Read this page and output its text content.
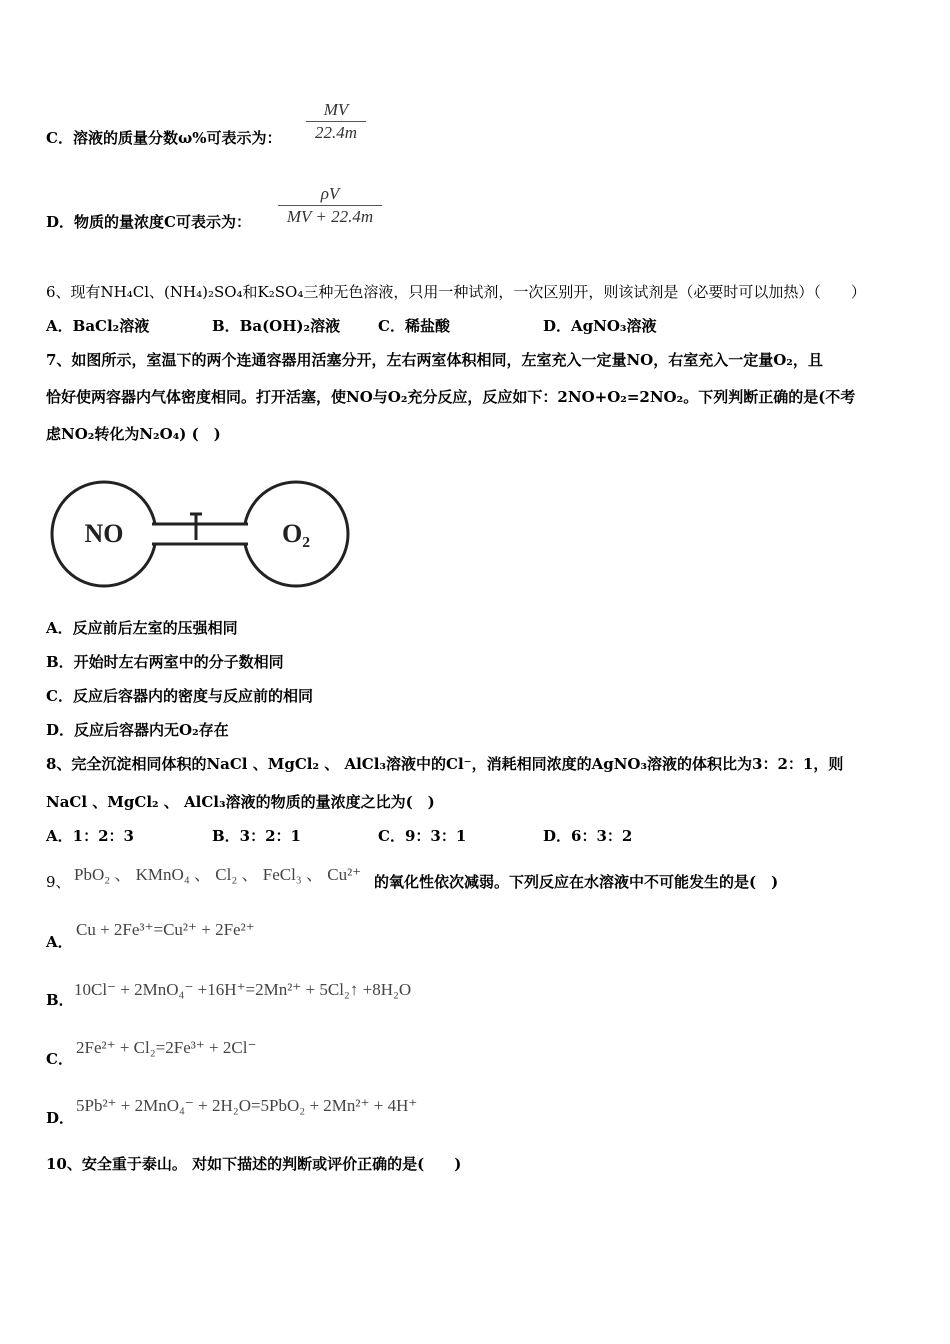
C．溶液的质量分数ω%可表示为：
MV
22.4m
D．物质的量浓度C可表示为：
ρV
MV + 22.4m
6、现有NH₄Cl、(NH₄)₂SO₄和K₂SO₄三种无色溶液，只用一种试剂，一次区别开，则该试剂是（必要时可以加热）（　　）
A．BaCl₂溶液	B．Ba(OH)₂溶液	C．稀盐酸	D．AgNO₃溶液
7、如图所示，室温下的两个连通容器用活塞分开，左右两室体积相同，左室充入一定量NO，右室充入一定量O₂，且
恰好使两容器内气体密度相同。打开活塞，使NO与O₂充分反应，反应如下：2NO+O₂=2NO₂。下列判断正确的是(不考
虑NO₂转化为N₂O₄) (　)
NO	O₂
A．反应前后左室的压强相同
B．开始时左右两室中的分子数相同
C．反应后容器内的密度与反应前的相同
D．反应后容器内无O₂存在
8、完全沉淀相同体积的NaCl 、MgCl₂ 、 AlCl₃溶液中的Cl⁻，消耗相同浓度的AgNO₃溶液的体积比为3：2：1，则
NaCl 、MgCl₂ 、 AlCl₃溶液的物质的量浓度之比为(　)
A．1：2：3	B．3：2：1	C．9：3：1	D．6：3：2
9、 PbO₂ 、 KMnO₄ 、 Cl₂ 、 FeCl₃ 、 Cu²⁺ 的氧化性依次减弱。下列反应在水溶液中不可能发生的是(　)
A．
Cu + 2Fe³⁺=Cu²⁺ + 2Fe²⁺
B．
10Cl⁻ + 2MnO₄⁻ +16H⁺=2Mn²⁺ + 5Cl₂↑ +8H₂O
C．
2Fe²⁺ + Cl₂=2Fe³⁺ + 2Cl⁻
D．
5Pb²⁺ + 2MnO₄⁻ + 2H₂O=5PbO₂ + 2Mn²⁺ + 4H⁺
10、安全重于泰山。 对如下描述的判断或评价正确的是(　　)
